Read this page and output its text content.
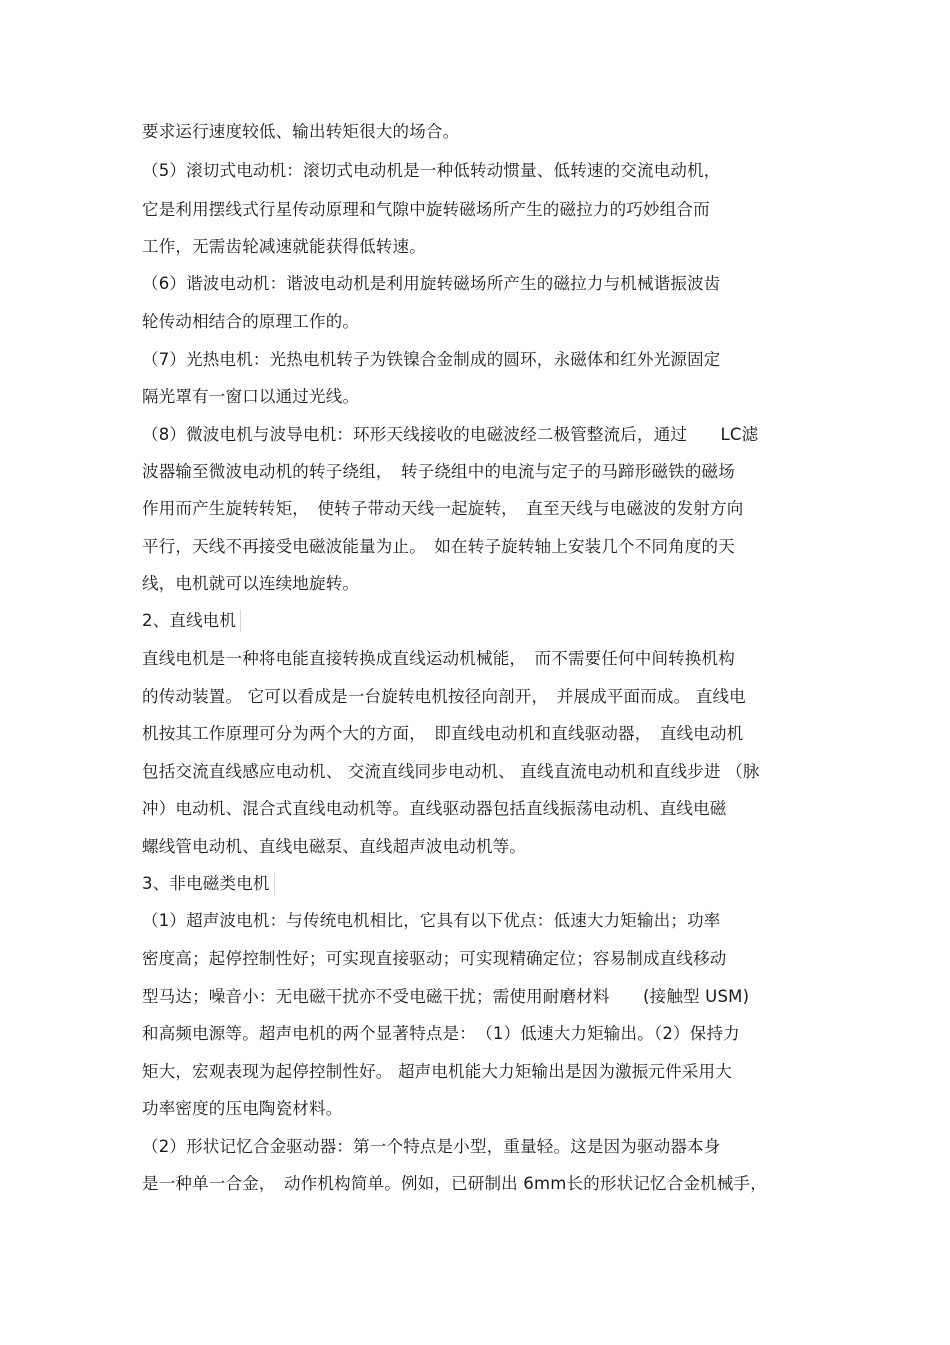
要求运行速度较低、输出转矩很大的场合。
（5）滚切式电动机：滚切式电动机是一种低转动惯量、低转速的交流电动机，
它是利用摆线式行星传动原理和气隙中旋转磁场所产生的磁拉力的巧妙组合而
工作，无需齿轮减速就能获得低转速。
（6）谐波电动机：谐波电动机是利用旋转磁场所产生的磁拉力与机械谐振波齿
轮传动相结合的原理工作的。
（7）光热电机：光热电机转子为铁镍合金制成的圆环，永磁体和红外光源固定
隔光罩有一窗口以通过光线。
（8）微波电机与波导电机：环形天线接收的电磁波经二极管整流后，通过　　LC滤
波器输至微波电动机的转子绕组，　转子绕组中的电流与定子的马蹄形磁铁的磁场
作用而产生旋转转矩，　使转子带动天线一起旋转，　直至天线与电磁波的发射方向
平行，天线不再接受电磁波能量为止。　如在转子旋转轴上安装几个不同角度的天
线，电机就可以连续地旋转。
2、直线电机
直线电机是一种将电能直接转换成直线运动机械能，　而不需要任何中间转换机构
的传动装置。 它可以看成是一台旋转电机按径向剖开，　并展成平面而成。 直线电
机按其工作原理可分为两个大的方面，　即直线电动机和直线驱动器，　直线电动机
包括交流直线感应电动机、 交流直线同步电动机、 直线直流电动机和直线步进 （脉
冲）电动机、混合式直线电动机等。直线驱动器包括直线振荡电动机、直线电磁
螺线管电动机、直线电磁泵、直线超声波电动机等。
3、非电磁类电机
（1）超声波电机：与传统电机相比，它具有以下优点：低速大力矩输出；功率
密度高；起停控制性好；可实现直接驱动；可实现精确定位；容易制成直线移动
型马达；噪音小：无电磁干扰亦不受电磁干扰；需使用耐磨材料　　(接触型 USM)
和高频电源等。超声电机的两个显著特点是：　（1）低速大力矩输出。（2）保持力
矩大，宏观表现为起停控制性好。 超声电机能大力矩输出是因为激振元件采用大
功率密度的压电陶瓷材料。
（2）形状记忆合金驱动器：第一个特点是小型，重量轻。这是因为驱动器本身
是一种单一合金，　动作机构简单。例如，已研制出 6mm长的形状记忆合金机械手，
